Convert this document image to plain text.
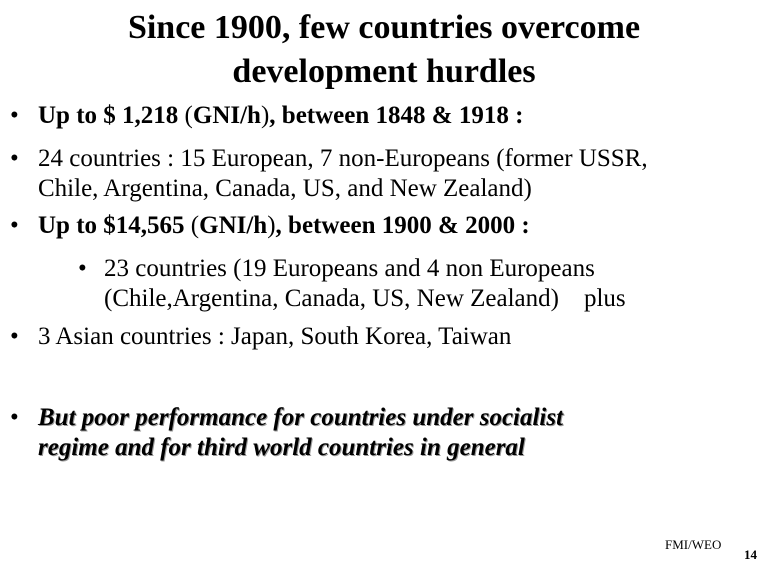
Since 1900, few countries overcome
development hurdles
• Up to $ 1,218 (GNI/h), between 1848 & 1918 :
• 24 countries : 15 European, 7 non-Europeans (former USSR,
Chile, Argentina, Canada, US, and New Zealand)
• Up to $14,565 (GNI/h), between 1900 & 2000 :
• 23 countries (19 Europeans and 4 non Europeans
(Chile,Argentina, Canada, US, New Zealand)    plus
• 3 Asian countries : Japan, South Korea, Taiwan
• But poor performance for countries under socialist
regime and for third world countries in general
FMI/WEO
14
